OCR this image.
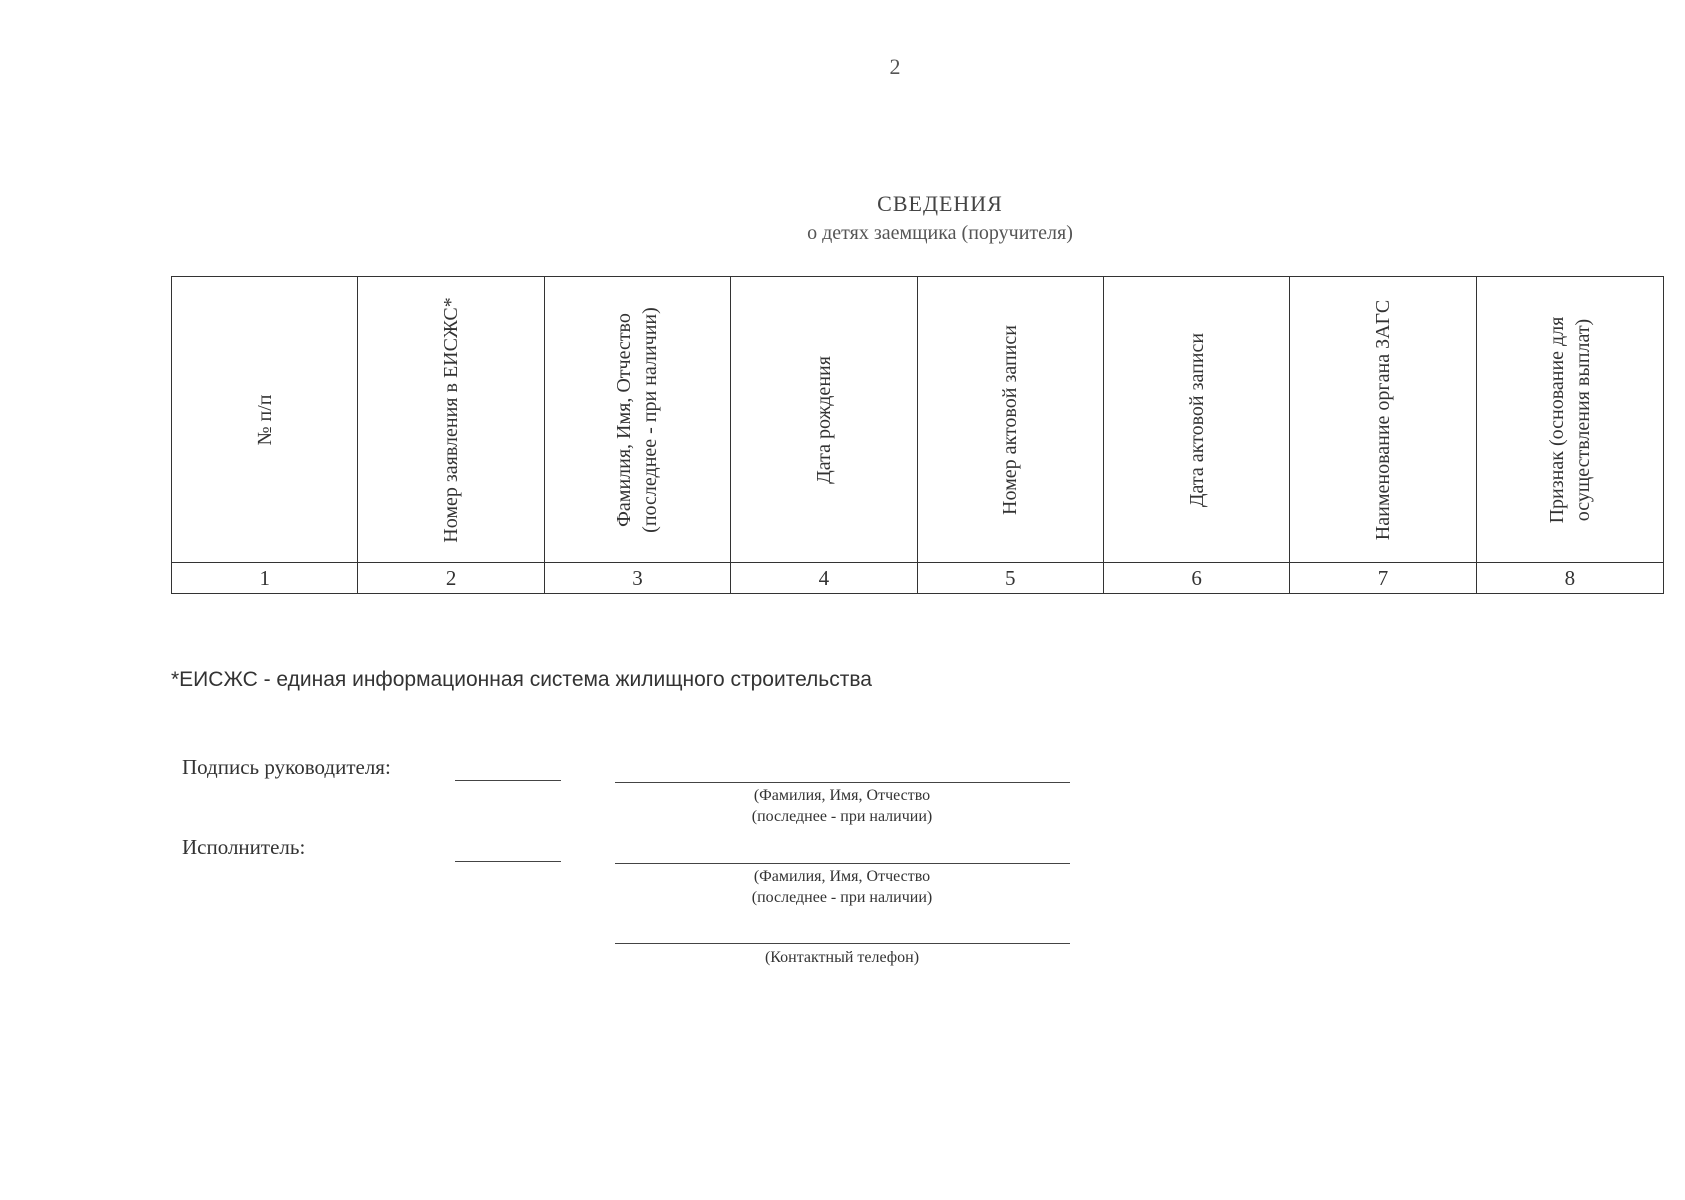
2
СВЕДЕНИЯ
о детях заемщика (поручителя)
№ п/п	Номер заявления в ЕИСЖС*	Фамилия, Имя, Отчество (последнее - при наличии)	Дата рождения	Номер актовой записи	Дата актовой записи	Наименование органа ЗАГС	Признак (основание для осуществления выплат)
1	2	3	4	5	6	7	8
*ЕИСЖС - единая информационная система жилищного строительства
Подпись руководителя:
(Фамилия, Имя, Отчество
(последнее - при наличии)
Исполнитель:
(Фамилия, Имя, Отчество
(последнее - при наличии)
(Контактный телефон)
